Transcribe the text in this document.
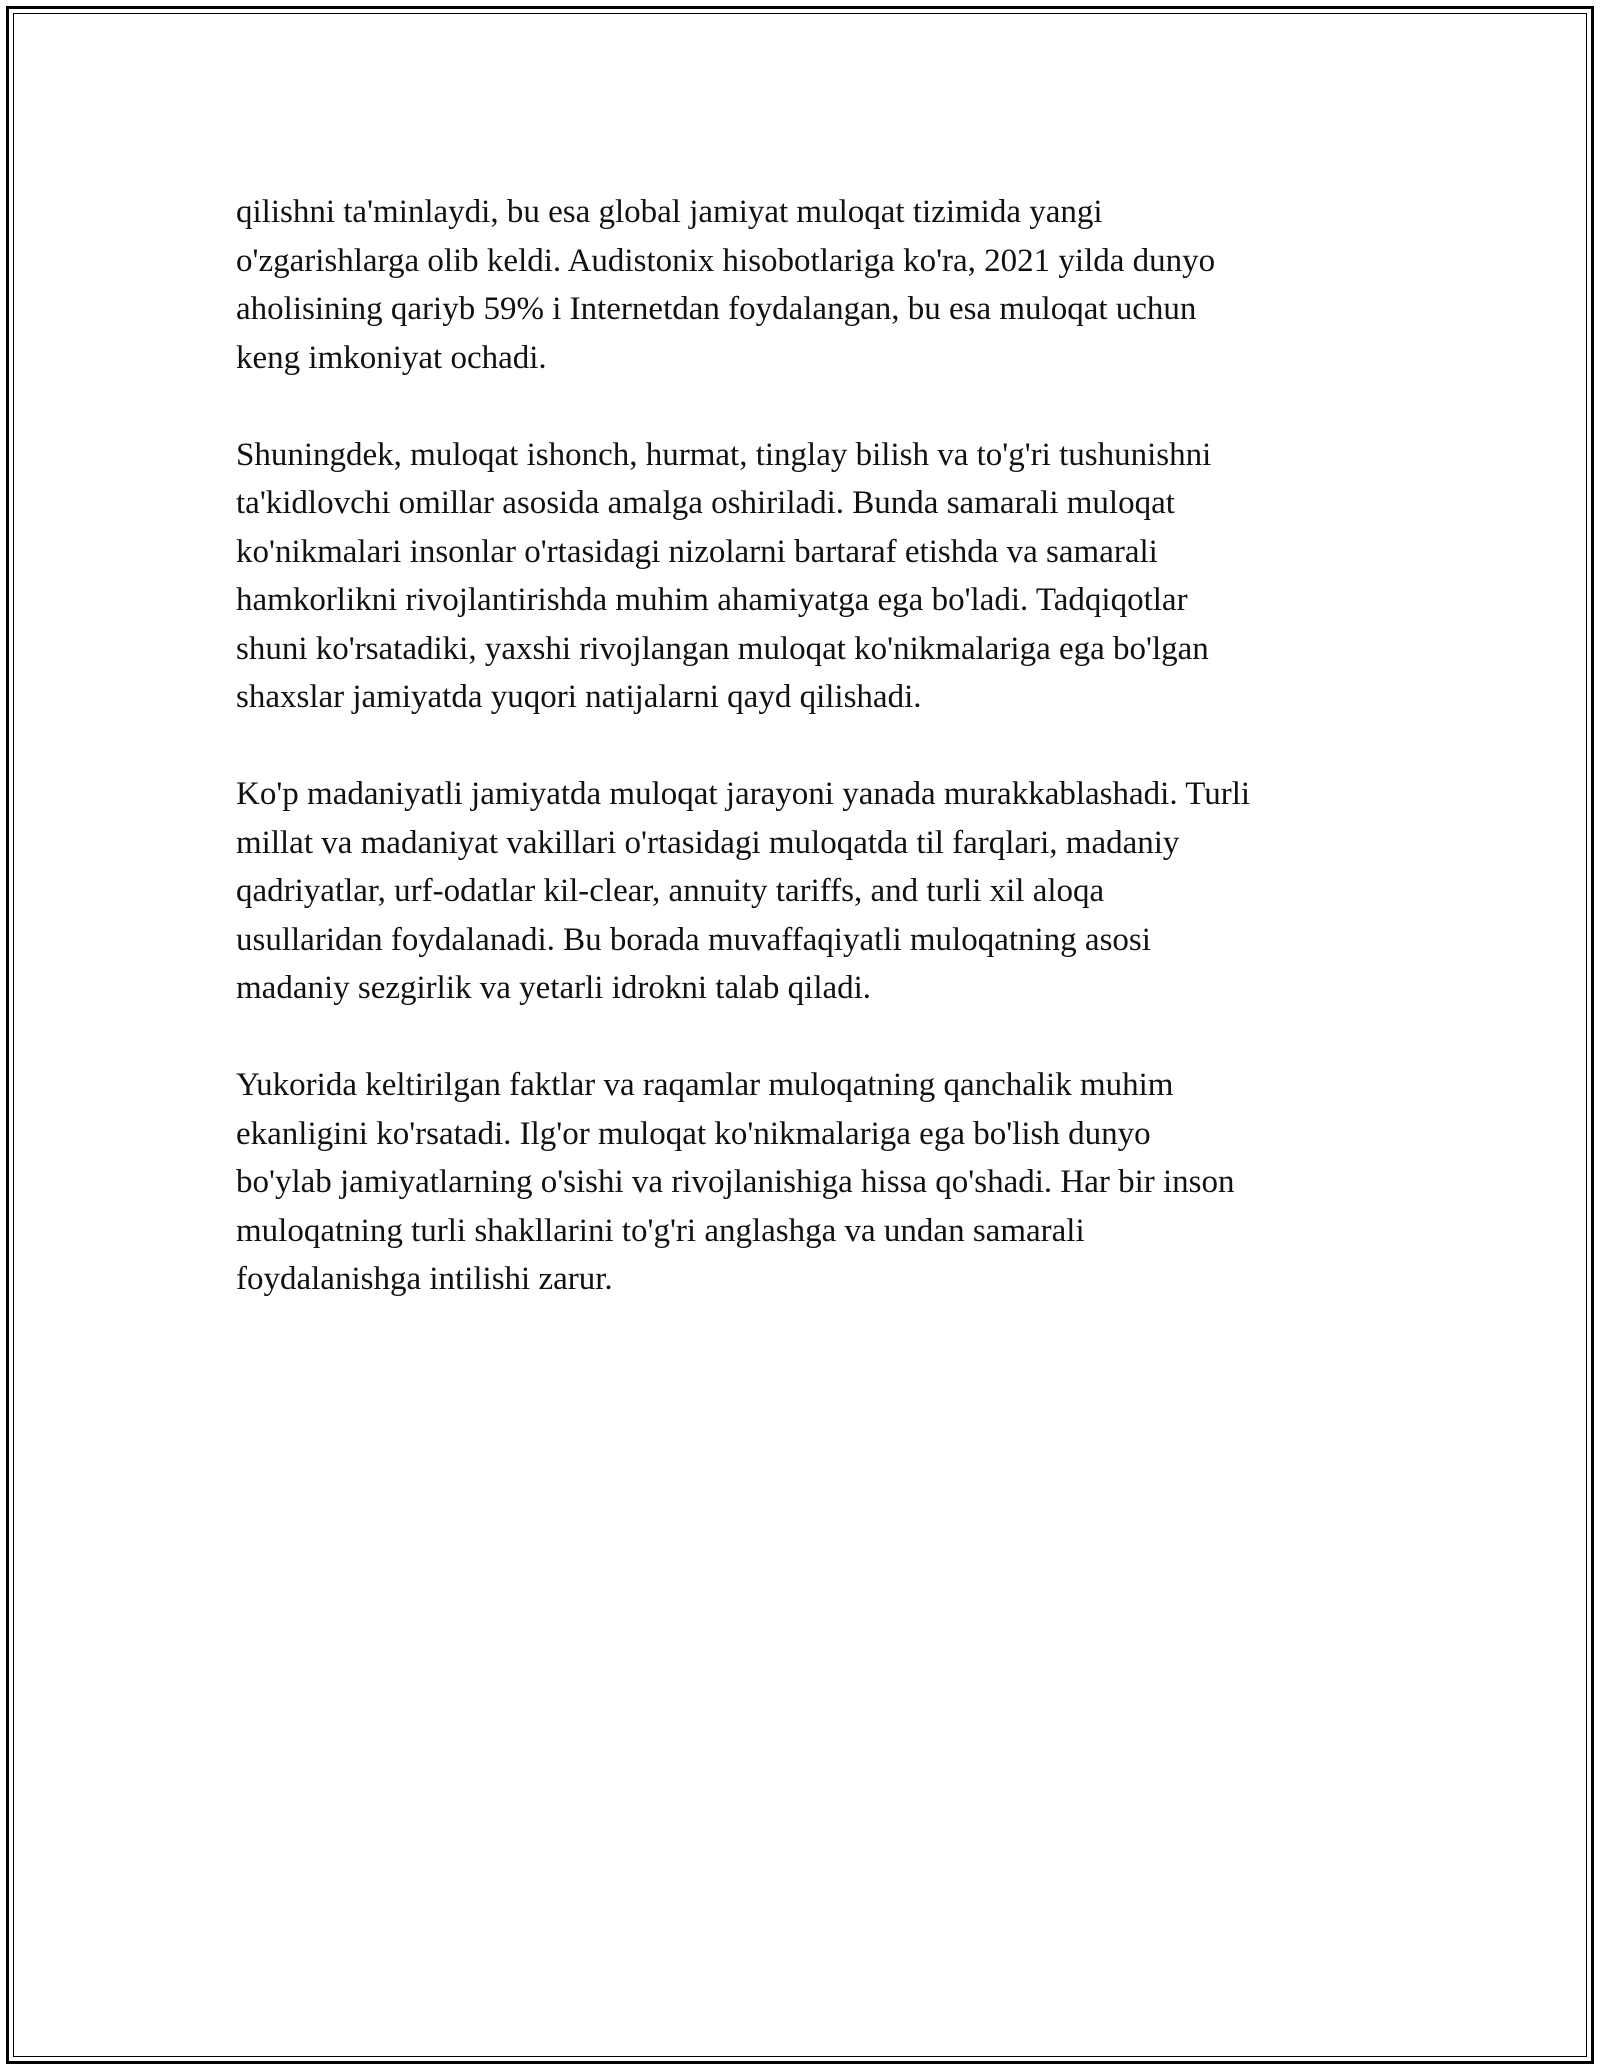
qilishni ta'minlaydi, bu esa global jamiyat muloqat tizimida yangi
o'zgarishlarga olib keldi. Audistonix hisobotlariga ko'ra, 2021 yilda dunyo
aholisining qariyb 59% i Internetdan foydalangan, bu esa muloqat uchun
keng imkoniyat ochadi.

Shuningdek, muloqat ishonch, hurmat, tinglay bilish va to'g'ri tushunishni
ta'kidlovchi omillar asosida amalga oshiriladi. Bunda samarali muloqat
ko'nikmalari insonlar o'rtasidagi nizolarni bartaraf etishda va samarali
hamkorlikni rivojlantirishda muhim ahamiyatga ega bo'ladi. Tadqiqotlar
shuni ko'rsatadiki, yaxshi rivojlangan muloqat ko'nikmalariga ega bo'lgan
shaxslar jamiyatda yuqori natijalarni qayd qilishadi.

Ko'p madaniyatli jamiyatda muloqat jarayoni yanada murakkablashadi. Turli
millat va madaniyat vakillari o'rtasidagi muloqatda til farqlari, madaniy
qadriyatlar, urf-odatlar kil-clear, annuity tariffs, and turli xil aloqa
usullaridan foydalanadi. Bu borada muvaffaqiyatli muloqatning asosi
madaniy sezgirlik va yetarli idrokni talab qiladi.

Yukorida keltirilgan faktlar va raqamlar muloqatning qanchalik muhim
ekanligini ko'rsatadi. Ilg'or muloqat ko'nikmalariga ega bo'lish dunyo
bo'ylab jamiyatlarning o'sishi va rivojlanishiga hissa qo'shadi. Har bir inson
muloqatning turli shakllarini to'g'ri anglashga va undan samarali
foydalanishga intilishi zarur.
